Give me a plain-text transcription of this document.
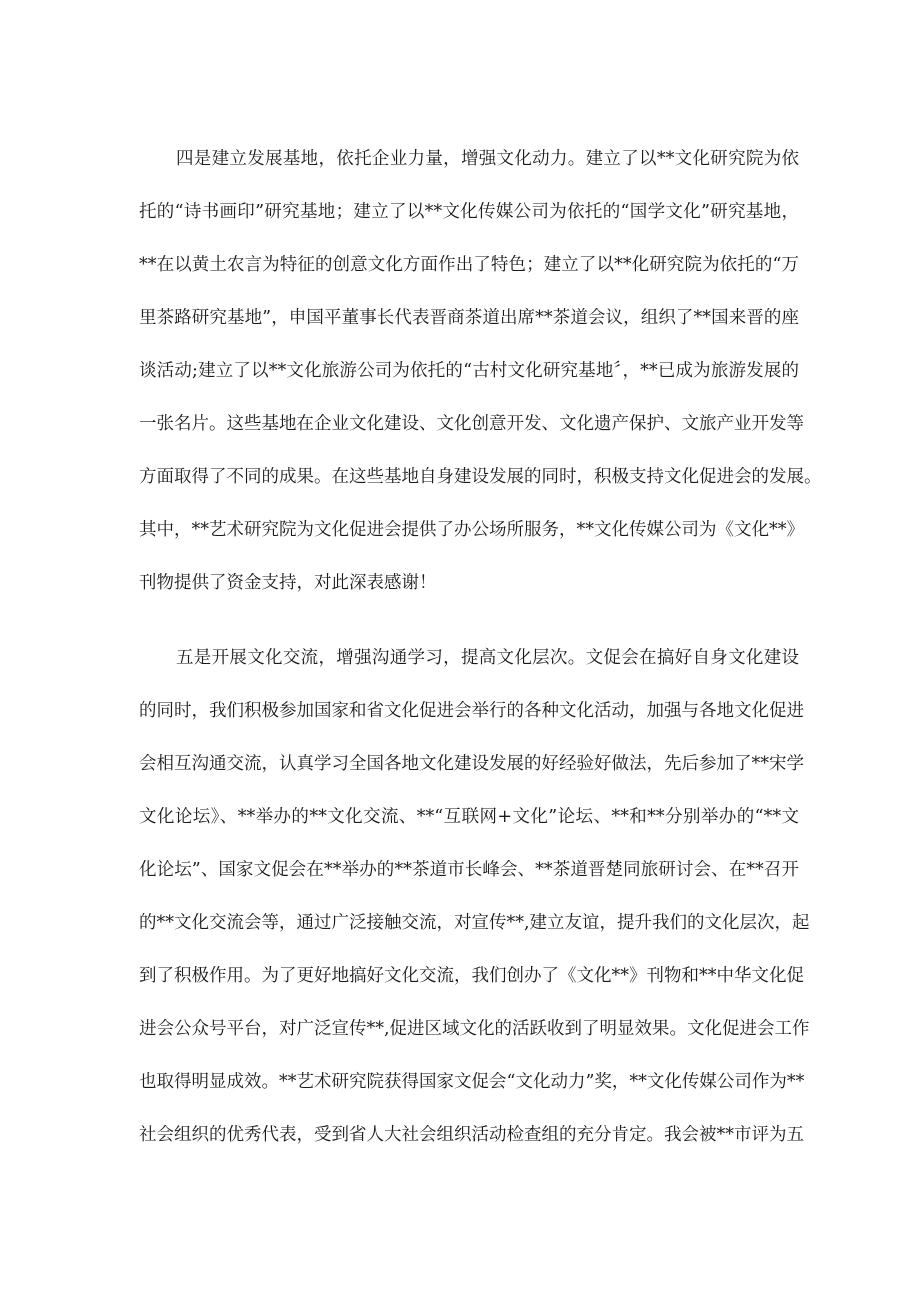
四是建立发展基地，依托企业力量，增强文化动力。建立了以**文化研究院为依
托的“诗书画印”研究基地；建立了以**文化传媒公司为依托的“国学文化”研究基地，
**在以黄土农言为特征的创意文化方面作出了特色；建立了以**化研究院为依托的“万
里茶路研究基地”，申国平董事长代表晋商茶道出席**茶道会议，组织了**国来晋的座
谈活动;建立了以**文化旅游公司为依托的“古村文化研究基地〞，**已成为旅游发展的
一张名片。这些基地在企业文化建设、文化创意开发、文化遗产保护、文旅产业开发等
方面取得了不同的成果。在这些基地自身建设发展的同时，积极支持文化促进会的发展。
其中，**艺术研究院为文化促进会提供了办公场所服务，**文化传媒公司为《文化**》
刊物提供了资金支持，对此深表感谢！
五是开展文化交流，增强沟通学习，提高文化层次。文促会在搞好自身文化建设
的同时，我们积极参加国家和省文化促进会举行的各种文化活动，加强与各地文化促进
会相互沟通交流，认真学习全国各地文化建设发展的好经验好做法，先后参加了**宋学
文化论坛》、**举办的**文化交流、**“互联网+文化”论坛、**和**分别举办的“**文
化论坛”、国家文促会在**举办的**茶道市长峰会、**茶道晋楚同旅研讨会、在**召开
的**文化交流会等，通过广泛接触交流，对宣传**,建立友谊，提升我们的文化层次，起
到了积极作用。为了更好地搞好文化交流，我们创办了《文化**》刊物和**中华文化促
进会公众号平台，对广泛宣传**,促进区域文化的活跃收到了明显效果。文化促进会工作
也取得明显成效。**艺术研究院获得国家文促会“文化动力”奖，**文化传媒公司作为**
社会组织的优秀代表，受到省人大社会组织活动检查组的充分肯定。我会被**市评为五
